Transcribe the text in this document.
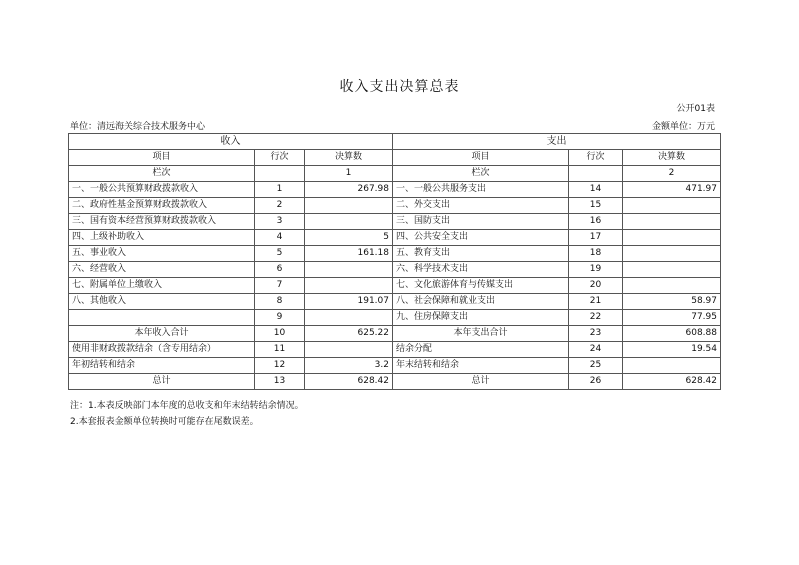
收入支出决算总表
公开01表
单位：清远海关综合技术服务中心	金额单位：万元
收入			支出		
项目	行次	决算数	项目	行次	决算数
栏次		1	栏次		2
一、一般公共预算财政拨款收入	1	267.98	一、一般公共服务支出	14	471.97
二、政府性基金预算财政拨款收入	2		二、外交支出	15	
三、国有资本经营预算财政拨款收入	3		三、国防支出	16	
四、上级补助收入	4	5	四、公共安全支出	17	
五、事业收入	5	161.18	五、教育支出	18	
六、经营收入	6		六、科学技术支出	19	
七、附属单位上缴收入	7		七、文化旅游体育与传媒支出	20	
八、其他收入	8	191.07	八、社会保障和就业支出	21	58.97
	9		九、住房保障支出	22	77.95
本年收入合计	10	625.22	本年支出合计	23	608.88
使用非财政拨款结余（含专用结余）	11		结余分配	24	19.54
年初结转和结余	12	3.2	年末结转和结余	25	
总计	13	628.42	总计	26	628.42
注：1.本表反映部门本年度的总收支和年末结转结余情况。
2.本套报表金额单位转换时可能存在尾数误差。
